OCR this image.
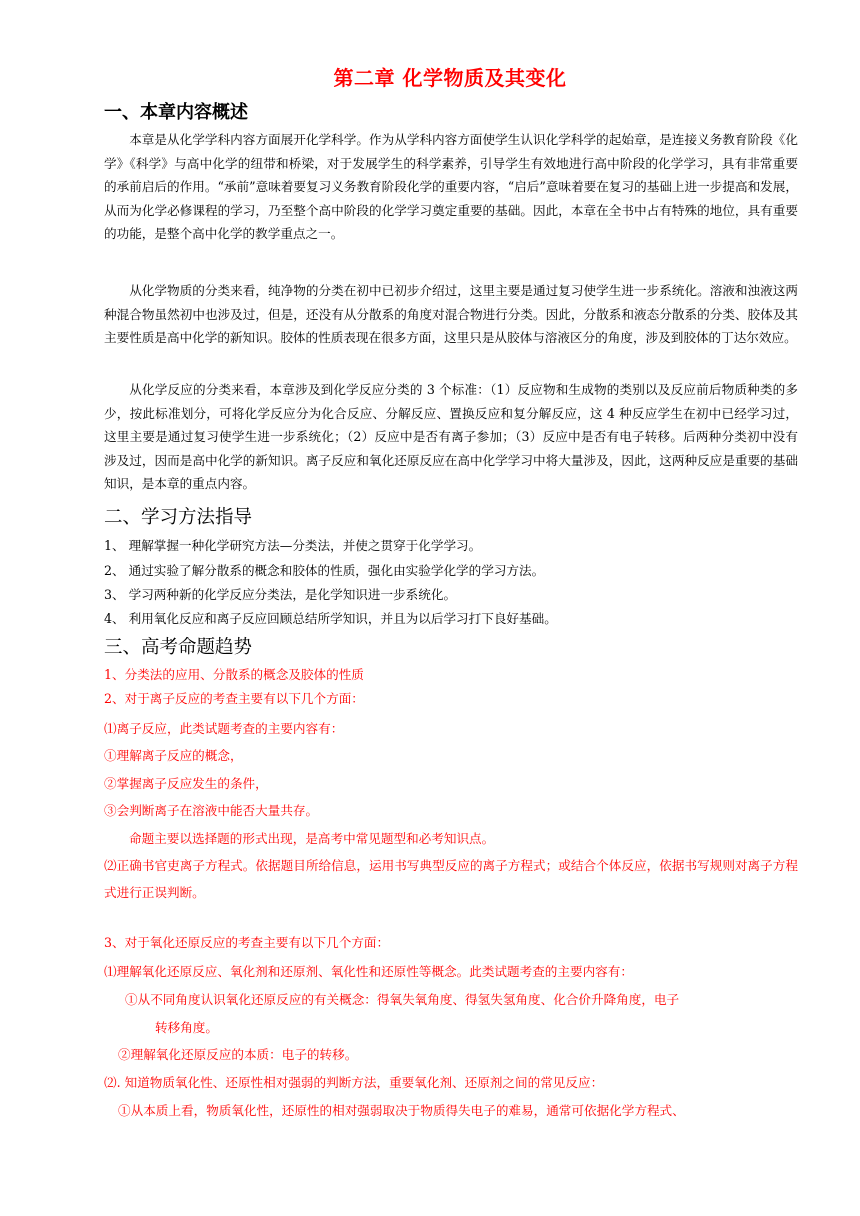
第二章 化学物质及其变化
一、本章内容概述

本章是从化学学科内容方面展开化学科学。作为从学科内容方面使学生认识化学科学的起始章，是连接义务教育阶段《化学》《科学》与高中化学的纽带和桥梁，对于发展学生的科学素养，引导学生有效地进行高中阶段的化学学习，具有非常重要的承前启后的作用。“承前”意味着要复习义务教育阶段化学的重要内容，“启后”意味着要在复习的基础上进一步提高和发展，从而为化学必修课程的学习，乃至整个高中阶段的化学学习奠定重要的基础。因此，本章在全书中占有特殊的地位，具有重要的功能，是整个高中化学的教学重点之一。

从化学物质的分类来看，纯净物的分类在初中已初步介绍过，这里主要是通过复习使学生进一步系统化。溶液和浊液这两种混合物虽然初中也涉及过，但是，还没有从分散系的角度对混合物进行分类。因此，分散系和液态分散系的分类、胶体及其主要性质是高中化学的新知识。胶体的性质表现在很多方面，这里只是从胶体与溶液区分的角度，涉及到胶体的丁达尔效应。

从化学反应的分类来看，本章涉及到化学反应分类的 3 个标准：（1）反应物和生成物的类别以及反应前后物质种类的多少，按此标准划分，可将化学反应分为化合反应、分解反应、置换反应和复分解反应，这 4 种反应学生在初中已经学习过，这里主要是通过复习使学生进一步系统化；（2）反应中是否有离子参加；（3）反应中是否有电子转移。后两种分类初中没有涉及过，因而是高中化学的新知识。离子反应和氧化还原反应在高中化学学习中将大量涉及，因此，这两种反应是重要的基础知识，是本章的重点内容。

二、学习方法指导

1、 理解掌握一种化学研究方法—分类法，并使之贯穿于化学学习。

2、 通过实验了解分散系的概念和胶体的性质，强化由实验学化学的学习方法。

3、 学习两种新的化学反应分类法，是化学知识进一步系统化。

4、 利用氧化反应和离子反应回顾总结所学知识，并且为以后学习打下良好基础。

三、高考命题趋势

1、分类法的应用、分散系的概念及胶体的性质

2、对于离子反应的考查主要有以下几个方面：

⑴离子反应，此类试题考查的主要内容有：

①理解离子反应的概念，

②掌握离子反应发生的条件，

③会判断离子在溶液中能否大量共存。

命题主要以选择题的形式出现，是高考中常见题型和必考知识点。

⑵正确书官吏离子方程式。依据题目所给信息，运用书写典型反应的离子方程式；或结合个体反应，依据书写规则对离子方程式进行正误判断。

3、对于氧化还原反应的考查主要有以下几个方面：

⑴理解氧化还原反应、氧化剂和还原剂、氧化性和还原性等概念。此类试题考查的主要内容有：

①从不同角度认识氧化还原反应的有关概念：得氧失氧角度、得氢失氢角度、化合价升降角度，电子

转移角度。

②理解氧化还原反应的本质：电子的转移。

⑵. 知道物质氧化性、还原性相对强弱的判断方法，重要氧化剂、还原剂之间的常见反应：

①从本质上看，物质氧化性，还原性的相对强弱取决于物质得失电子的难易，通常可依据化学方程式、
